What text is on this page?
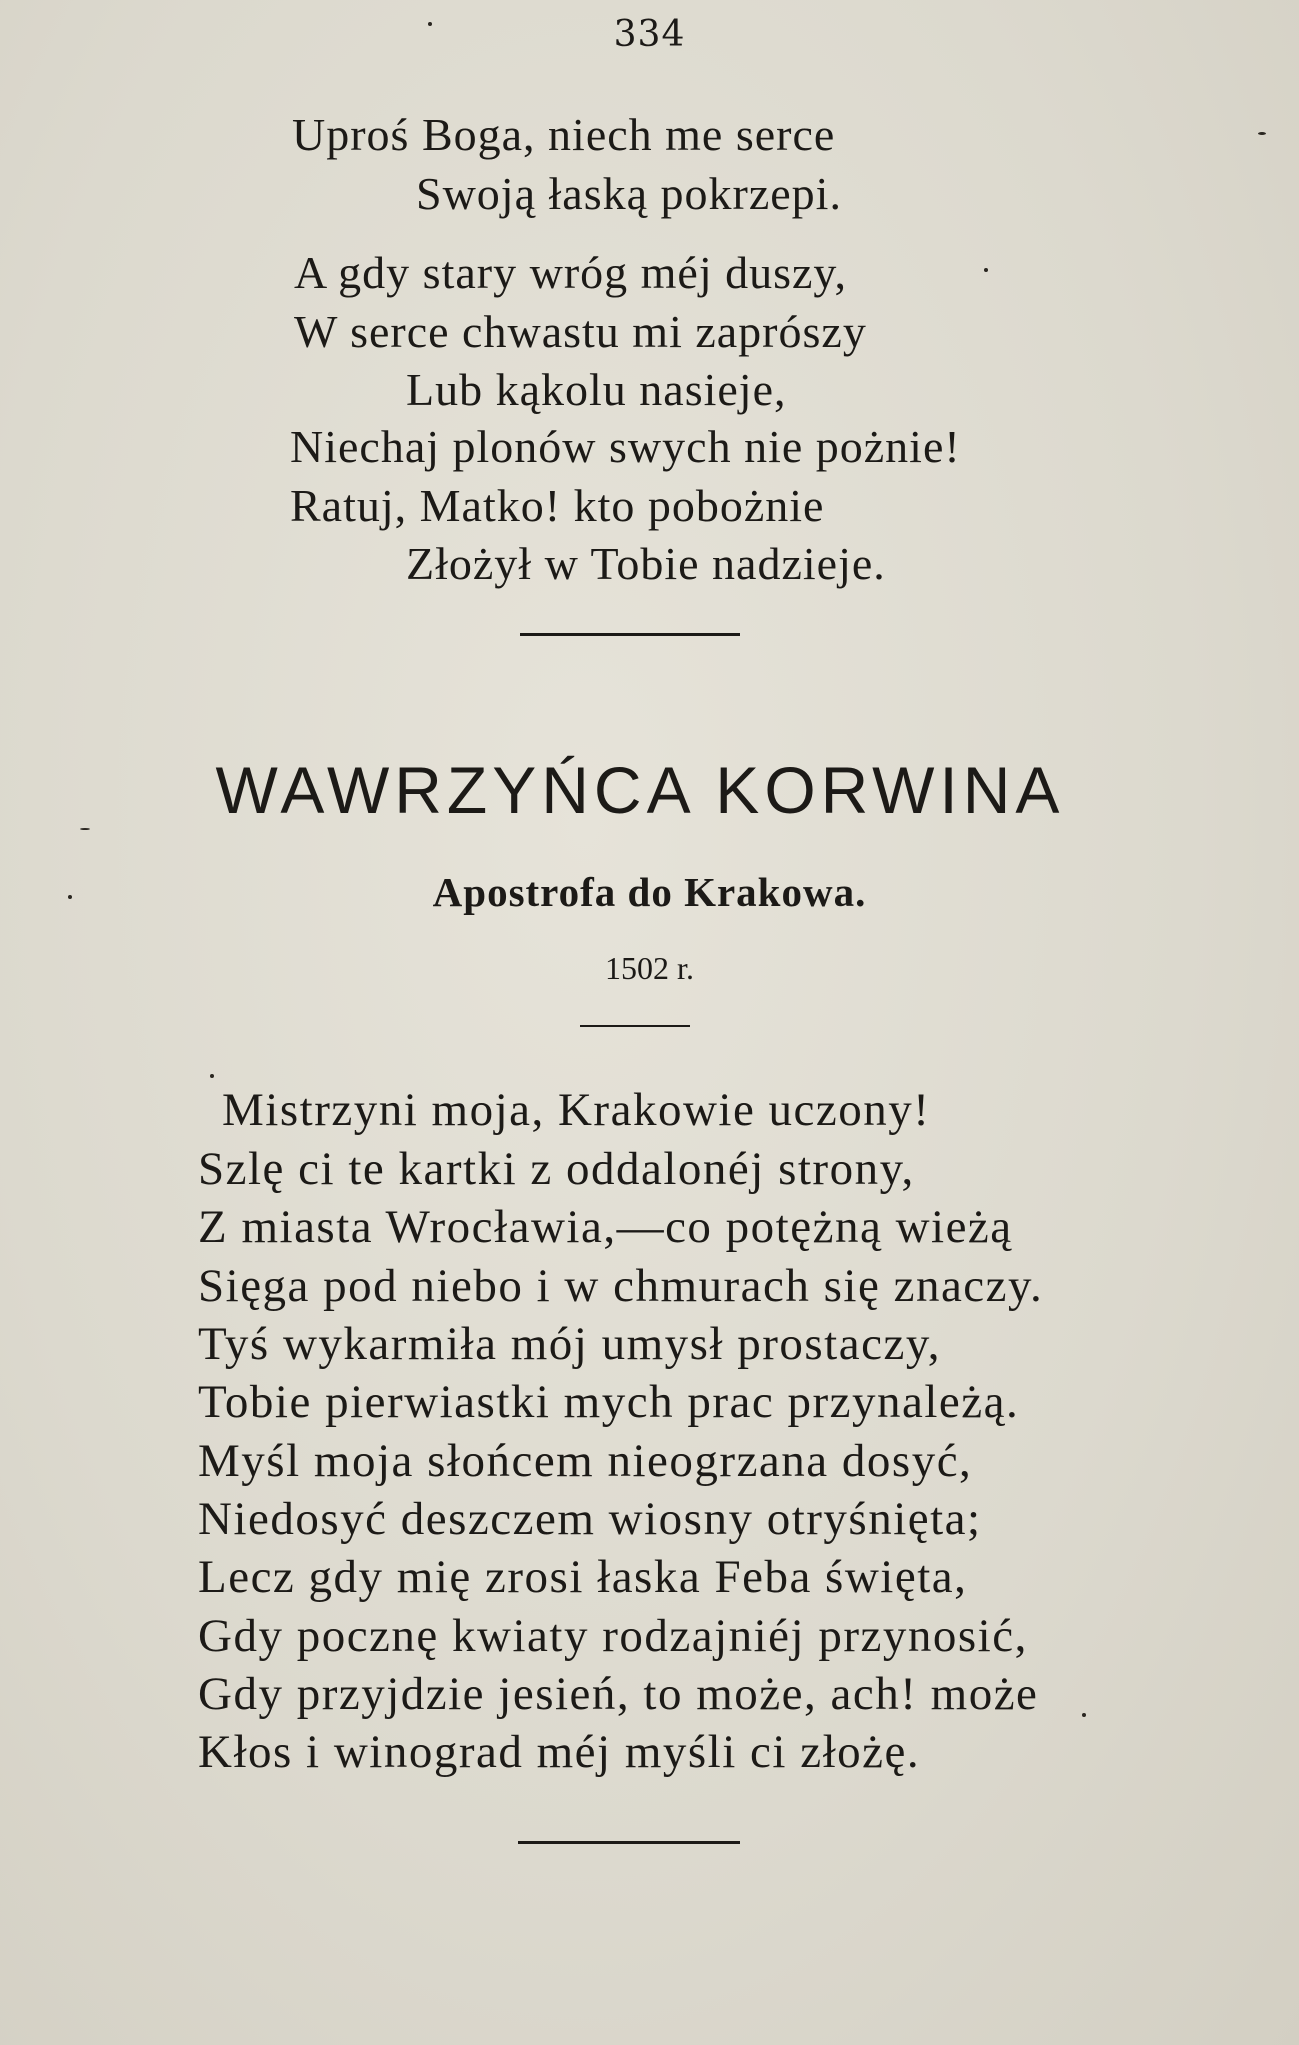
334
Uproś Boga, niech me serce
Swoją łaską pokrzepi.
A gdy stary wróg méj duszy,
W serce chwastu mi zaprószy
Lub kąkolu nasieje,
Niechaj plonów swych nie pożnie!
Ratuj, Matko! kto pobożnie
Złożył w Tobie nadzieje.
WAWRZYŃCA KORWINA
Apostrofa do Krakowa.
1502 r.
Mistrzyni moja, Krakowie uczony!
Szlę ci te kartki z oddalonéj strony,
Z miasta Wrocławia,—co potężną wieżą
Sięga pod niebo i w chmurach się znaczy.
Tyś wykarmiła mój umysł prostaczy,
Tobie pierwiastki mych prac przynależą.
Myśl moja słońcem nieogrzana dosyć,
Niedosyć deszczem wiosny otryśnięta;
Lecz gdy mię zrosi łaska Feba święta,
Gdy pocznę kwiaty rodzajniéj przynosić,
Gdy przyjdzie jesień, to może, ach! może
Kłos i winograd méj myśli ci złożę.
